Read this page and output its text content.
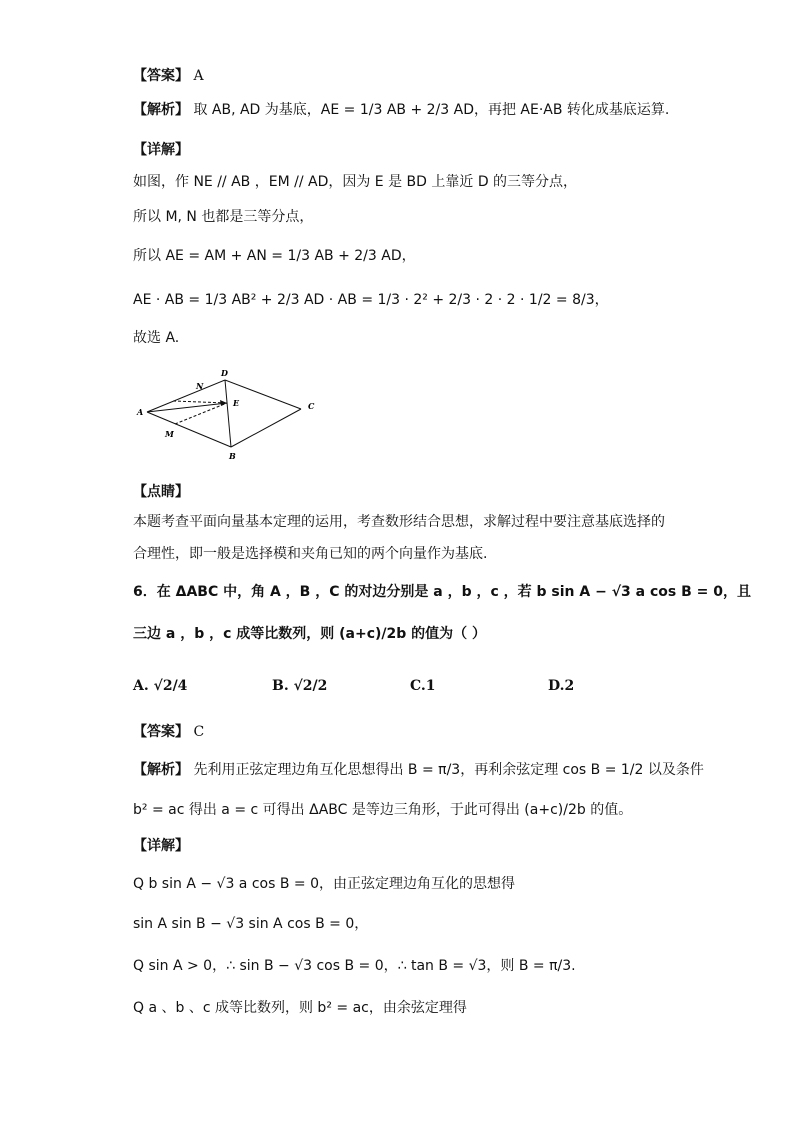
【答案】 A
【解析】 取 AB, AD 为基底，AE = 1/3 AB + 2/3 AD，再把 AE·AB 转化成基底运算.
【详解】
如图，作 NE // AB ，EM // AD，因为 E 是 BD 上靠近 D 的三等分点，
所以 M, N 也都是三等分点，
所以 AE = AM + AN = 1/3 AB + 2/3 AD，
AE · AB = 1/3 AB² + 2/3 AD · AB = 1/3 · 2² + 2/3 · 2 · 2 · 1/2 = 8/3，
故选 A.
A
B
C
D
E
M
N
【点睛】
本题考查平面向量基本定理的运用，考查数形结合思想，求解过程中要注意基底选择的
合理性，即一般是选择模和夹角已知的两个向量作为基底.
6．在 ΔABC 中，角 A ，B ，C 的对边分别是 a ，b ，c ，若 b sin A − √3 a cos B = 0，且
三边 a ，b ，c 成等比数列，则 (a+c)/2b 的值为（ ）
A. √2/4	B. √2/2	C.1	D.2
【答案】 C
【解析】 先利用正弦定理边角互化思想得出 B = π/3，再利余弦定理 cos B = 1/2 以及条件
b² = ac 得出 a = c 可得出 ΔABC 是等边三角形，于此可得出 (a+c)/2b 的值。
【详解】
Q b sin A − √3 a cos B = 0，由正弦定理边角互化的思想得
sin A sin B − √3 sin A cos B = 0，
Q sin A > 0，∴ sin B − √3 cos B = 0，∴ tan B = √3，则 B = π/3.
Q a 、b 、c 成等比数列，则 b² = ac，由余弦定理得
